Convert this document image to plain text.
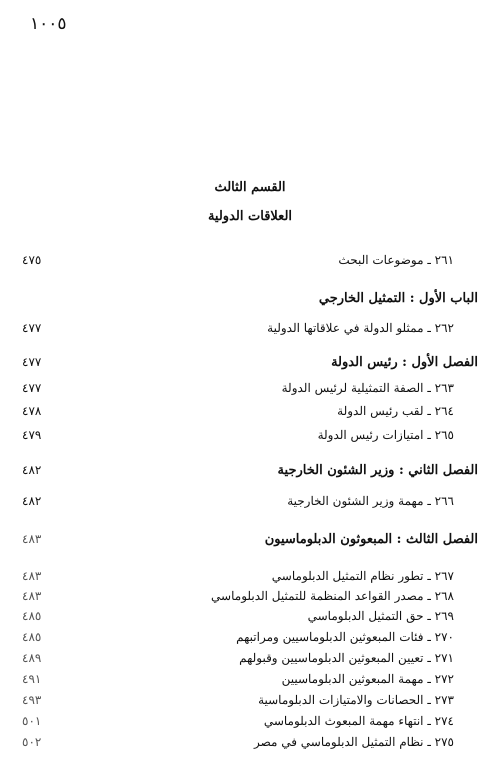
١٠٠٥
القسم الثالث
العلاقات الدولية
٢٦١ ـ موضوعات البحث
٤٧٥
الباب الأول : التمثيل الخارجي
٢٦٢ ـ ممثلو الدولة في علاقاتها الدولية
٤٧٧
الفصل الأول : رئيس الدولة
٤٧٧
٢٦٣ ـ الصفة التمثيلية لرئيس الدولة
٤٧٧
٢٦٤ ـ لقب رئيس الدولة
٤٧٨
٢٦٥ ـ امتيازات رئيس الدولة
٤٧٩
الفصل الثاني : وزير الشئون الخارجية
٤٨٢
٢٦٦ ـ مهمة وزير الشئون الخارجية
٤٨٢
الفصل الثالث : المبعوثون الدبلوماسيون
٤٨٣
٢٦٧ ـ تطور نظام التمثيل الدبلوماسي
٤٨٣
٢٦٨ ـ مصدر القواعد المنظمة للتمثيل الدبلوماسي
٤٨٣
٢٦٩ ـ حق التمثيل الدبلوماسي
٤٨٥
٢٧٠ ـ فئات المبعوثين الدبلوماسيين ومراتبهم
٤٨٥
٢٧١ ـ تعيين المبعوثين الدبلوماسيين وقبولهم
٤٨٩
٢٧٢ ـ مهمة المبعوثين الدبلوماسيين
٤٩١
٢٧٣ ـ الحصانات والامتيازات الدبلوماسية
٤٩٣
٢٧٤ ـ انتهاء مهمة المبعوث الدبلوماسي
٥٠١
٢٧٥ ـ نظام التمثيل الدبلوماسي في مصر
٥٠٢
